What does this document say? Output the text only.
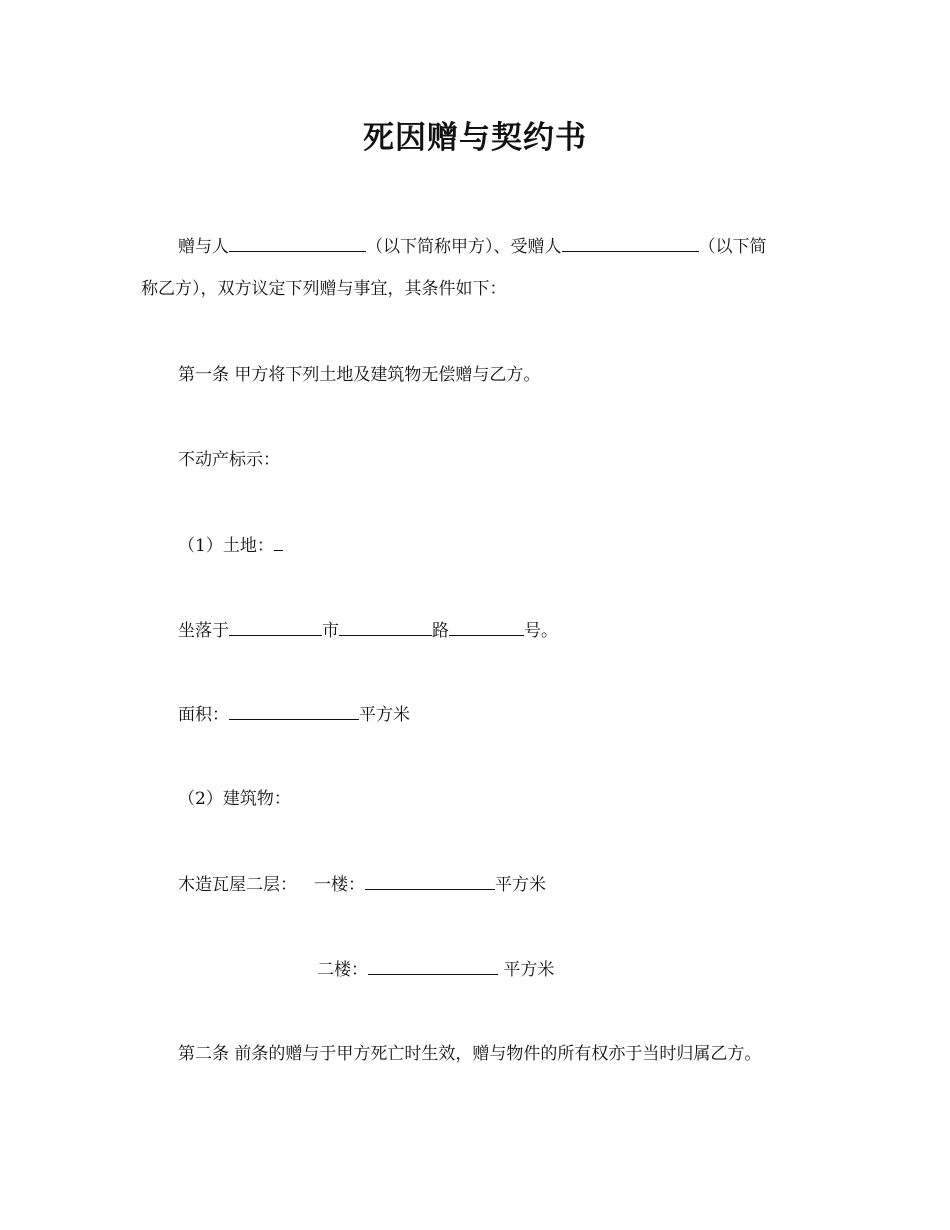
死因赠与契约书
赠与人	（以下简称甲方）、受赠人	（以下简
称乙方），双方议定下列赠与事宜，其条件如下：
第一条 甲方将下列土地及建筑物无偿赠与乙方。
不动产标示：
（1）土地：
坐落于	市	路	号。
面积：	平方米
（2）建筑物：
木造瓦屋二层： 一楼：	平方米
二楼：	平方米
第二条 前条的赠与于甲方死亡时生效，赠与物件的所有权亦于当时归属乙方。
